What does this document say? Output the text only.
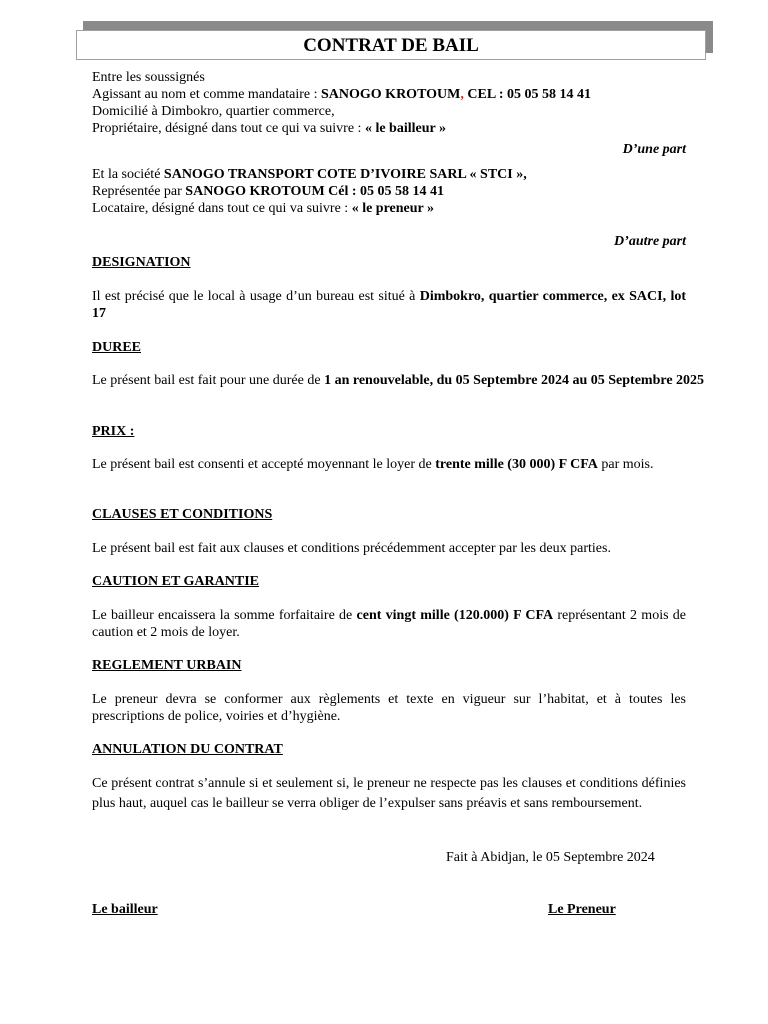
CONTRAT DE BAIL
Entre les soussignés
Agissant au nom et comme mandataire : SANOGO KROTOUM, CEL : 05 05 58 14 41
Domicilié à Dimbokro, quartier commerce,
Propriétaire, désigné dans tout ce qui va suivre : « le bailleur »
D’une part
Et la société SANOGO TRANSPORT COTE D’IVOIRE SARL « STCI »,
Représentée par SANOGO KROTOUM Cél : 05 05 58 14 41
Locataire, désigné dans tout ce qui va suivre : « le preneur »
D’autre part
DESIGNATION
Il est précisé que le local à usage d’un bureau est situé à Dimbokro, quartier commerce, ex SACI, lot 17
DUREE
Le présent bail est fait pour une durée de 1 an renouvelable, du 05 Septembre 2024 au 05 Septembre 2025
PRIX :
Le présent bail est consenti et accepté moyennant le loyer de trente mille (30 000) F CFA par mois.
CLAUSES ET CONDITIONS
Le présent bail est fait aux clauses et conditions précédemment accepter par les deux parties.
CAUTION ET GARANTIE
Le bailleur encaissera la somme forfaitaire de cent vingt mille (120.000) F CFA représentant 2 mois de caution et 2 mois de loyer.
REGLEMENT URBAIN
Le preneur devra se conformer aux règlements et texte en vigueur sur l’habitat, et à toutes les prescriptions de police, voiries et d’hygiène.
ANNULATION DU CONTRAT
Ce présent contrat s’annule si et seulement si, le preneur ne respecte pas les clauses et conditions définies plus haut, auquel cas le bailleur se verra obliger de l’expulser sans préavis et sans remboursement.
Fait à Abidjan, le 05 Septembre 2024
Le bailleur	Le Preneur
